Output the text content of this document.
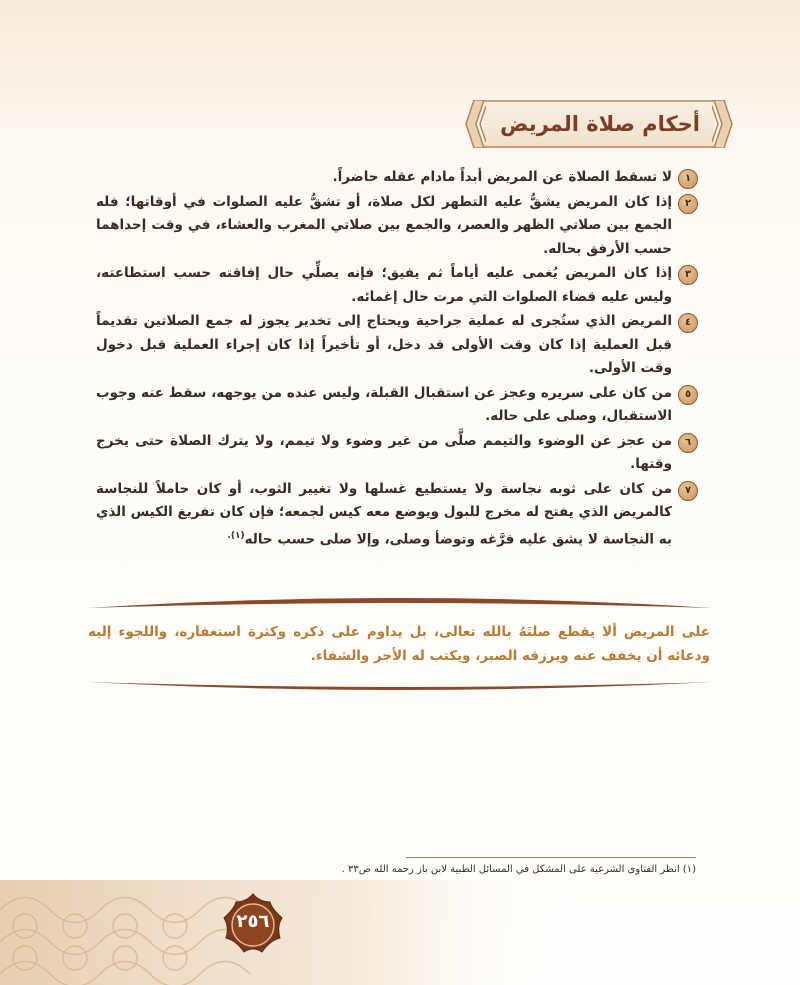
أحكام صلاة المريض
١
لا تسقط الصلاة عن المريض أبداً مادام عقله حاضراً.
٢
إذا كان المريض يشقُّ عليه التطهر لكل صلاة، أو تشقُّ عليه الصلوات في أوقاتها؛ فله الجمع بين صلاتي الظهر والعصر، والجمع بين صلاتي المغرب والعشاء، في وقت إحداهما حسب الأرفق بحاله.
٣
إذا كان المريض يُغمى عليه أياماً ثم يفيق؛ فإنه يصلِّي حال إفاقته حسب استطاعته، وليس عليه قضاء الصلوات التي مرت حال إغمائه.
٤
المريض الذي ستُجرى له عملية جراحية ويحتاج إلى تخدير يجوز له جمع الصلاتين تقديماً قبل العملية إذا كان وقت الأولى قد دخل، أو تأخيراً إذا كان إجراء العملية قبل دخول وقت الأولى.
٥
من كان على سريره وعجز عن استقبال القبلة، وليس عنده من يوجهه، سقط عنه وجوب الاستقبال، وصلى على حاله.
٦
من عجز عن الوضوء والتيمم صلَّى من غير وضوء ولا تيمم، ولا يترك الصلاة حتى يخرج وقتها.
٧
من كان على ثوبه نجاسة ولا يستطيع غسلها ولا تغيير الثوب، أو كان حاملاً للنجاسة كالمريض الذي يفتح له مخرج للبول ويوضع معه كيس لجمعه؛ فإن كان تفريغ الكيس الذي به النجاسة لا يشق عليه فرَّغه وتوضأ وصلى، وإلا صلى حسب حاله$^{(١).}$
على المريض ألا يقطع صلتَهُ بالله تعالى، بل يداوم على ذكره وكثرة استغفاره، واللجوء إليه ودعائه أن يخفف عنه ويرزقه الصبر، ويكتب له الأجر والشفاء.
(١) انظر الفتاوى الشرعية على المشكل في المسائل الطبية لابن باز رحمه الله ص٣٣ .
٢٥٦
